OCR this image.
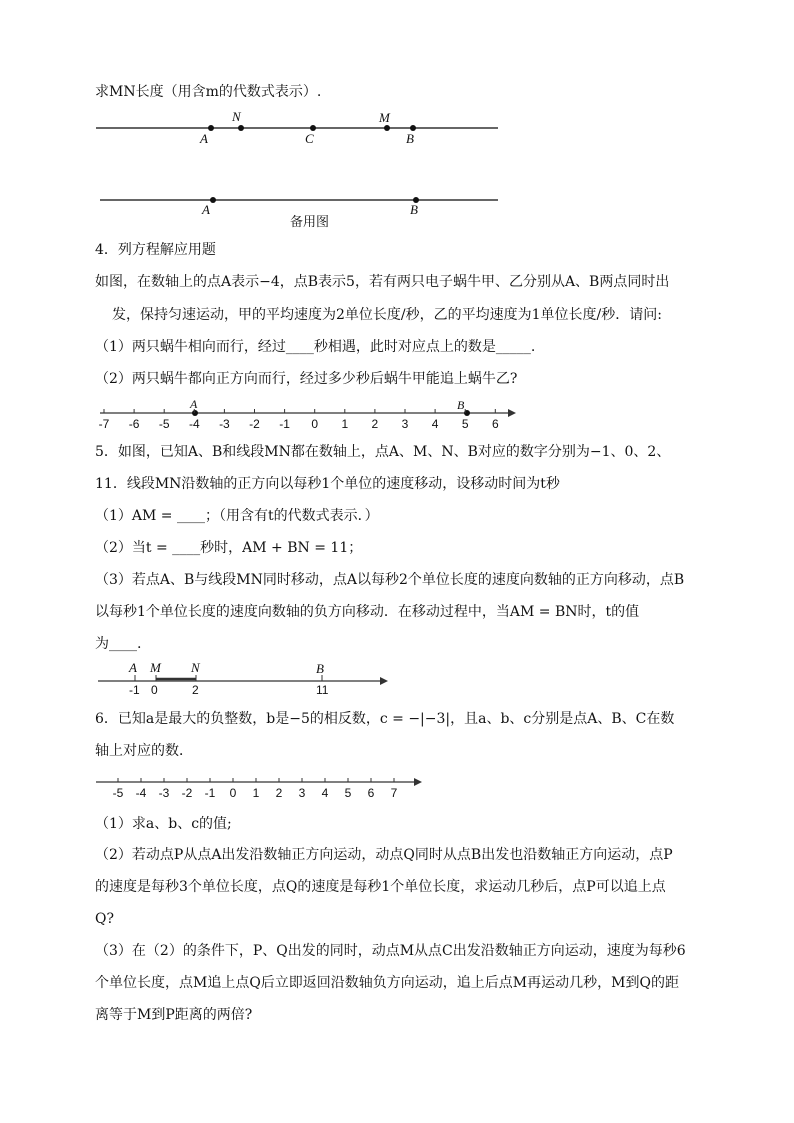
求MN长度（用含m的代数式表示）.
A
N
C
M
B
A	B
备用图
4．列方程解应用题
如图，在数轴上的点A表示−4，点B表示5，若有两只电子蜗牛甲、乙分别从A、B两点同时出
发，保持匀速运动，甲的平均速度为2单位长度/秒，乙的平均速度为1单位长度/秒．请问:
（1）两只蜗牛相向而行，经过____秒相遇，此时对应点上的数是_____.
（2）两只蜗牛都向正方向而行，经过多少秒后蜗牛甲能追上蜗牛乙?
A	B
-7 -6 -5 -4 -3 -2 -1 0 1 2 3 4 5 6
5．如图，已知A、B和线段MN都在数轴上，点A、M、N、B对应的数字分别为−1、0、2、
11．线段MN沿数轴的正方向以每秒1个单位的速度移动，设移动时间为t秒
（1）AM = ____；（用含有t的代数式表示．）
（2）当t = ____秒时，AM + BN = 11；
（3）若点A、B与线段MN同时移动，点A以每秒2个单位长度的速度向数轴的正方向移动，点B
以每秒1个单位长度的速度向数轴的负方向移动．在移动过程中，当AM = BN时，t的值
为____.
A M N	B
-1 0	2	11
6．已知a是最大的负整数，b是−5的相反数，c = −|−3|，且a、b、c分别是点A、B、C在数
轴上对应的数．
-5 -4 -3 -2 -1 0 1 2 3 4 5 6 7
（1）求a、b、c的值;
（2）若动点P从点A出发沿数轴正方向运动，动点Q同时从点B出发也沿数轴正方向运动，点P
的速度是每秒3个单位长度，点Q的速度是每秒1个单位长度，求运动几秒后，点P可以追上点
Q?
（3）在（2）的条件下，P、Q出发的同时，动点M从点C出发沿数轴正方向运动，速度为每秒6
个单位长度，点M追上点Q后立即返回沿数轴负方向运动，追上后点M再运动几秒，M到Q的距
离等于M到P距离的两倍?
